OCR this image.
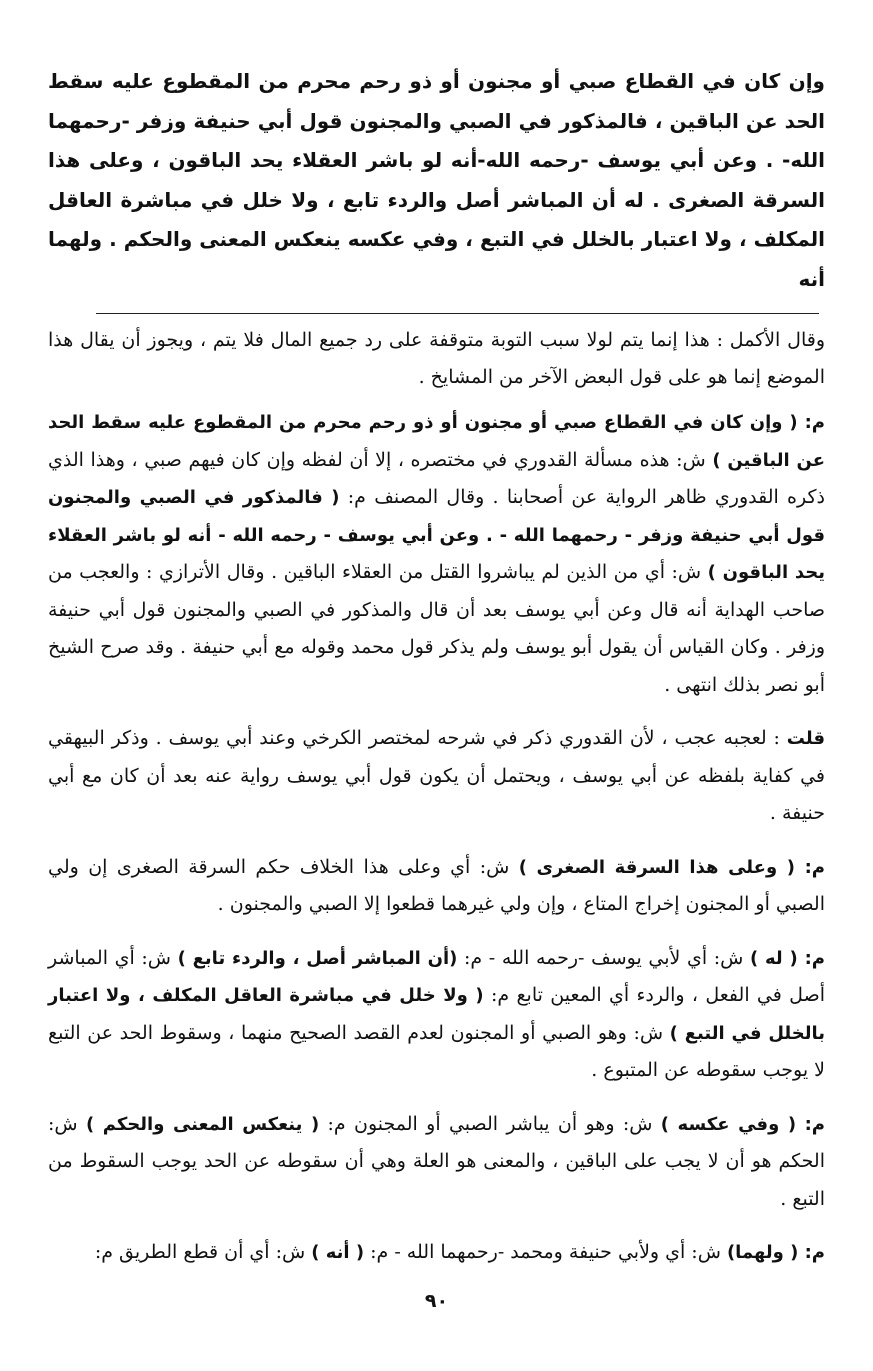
وإن كان في القطاع صبي أو مجنون أو ذو رحم محرم من المقطوع عليه سقط الحد عن الباقين ، فالمذكور في الصبي والمجنون قول أبي حنيفة وزفر -رحمهما الله- . وعن أبي يوسف -رحمه الله-أنه لو باشر العقلاء يحد الباقون ، وعلى هذا السرقة الصغرى . له أن المباشر أصل والردء تابع ، ولا خلل في مباشرة العاقل المكلف ، ولا اعتبار بالخلل في التبع ، وفي عكسه ينعكس المعنى والحكم . ولهما أنه

وقال الأكمل : هذا إنما يتم لولا سبب التوبة متوقفة على رد جميع المال فلا يتم ، ويجوز أن يقال هذا الموضع إنما هو على قول البعض الآخر من المشايخ .

م: ( وإن كان في القطاع صبي أو مجنون أو ذو رحم محرم من المقطوع عليه سقط الحد عن الباقين ) ش: هذه مسألة القدوري في مختصره ، إلا أن لفظه وإن كان فيهم صبي ، وهذا الذي ذكره القدوري ظاهر الرواية عن أصحابنا . وقال المصنف م: ( فالمذكور في الصبي والمجنون قول أبي حنيفة وزفر - رحمهما الله - . وعن أبي يوسف - رحمه الله - أنه لو باشر العقلاء يحد الباقون ) ش: أي من الذين لم يباشروا القتل من العقلاء الباقين . وقال الأترازي : والعجب من صاحب الهداية أنه قال وعن أبي يوسف بعد أن قال والمذكور في الصبي والمجنون قول أبي حنيفة وزفر . وكان القياس أن يقول أبو يوسف ولم يذكر قول محمد وقوله مع أبي حنيفة . وقد صرح الشيخ أبو نصر بذلك انتهى .

قلت : لعجبه عجب ، لأن القدوري ذكر في شرحه لمختصر الكرخي وعند أبي يوسف . وذكر البيهقي في كفاية بلفظه عن أبي يوسف ، ويحتمل أن يكون قول أبي يوسف رواية عنه بعد أن كان مع أبي حنيفة .

م: ( وعلى هذا السرقة الصغرى ) ش: أي وعلى هذا الخلاف حكم السرقة الصغرى إن ولي الصبي أو المجنون إخراج المتاع ، وإن ولي غيرهما قطعوا إلا الصبي والمجنون .

م: ( له ) ش: أي لأبي يوسف -رحمه الله - م: (أن المباشر أصل ، والردء تابع ) ش: أي المباشر أصل في الفعل ، والردء أي المعين تابع م: ( ولا خلل في مباشرة العاقل المكلف ، ولا اعتبار بالخلل في التبع ) ش: وهو الصبي أو المجنون لعدم القصد الصحيح منهما ، وسقوط الحد عن التبع لا يوجب سقوطه عن المتبوع .

م: ( وفي عكسه ) ش: وهو أن يباشر الصبي أو المجنون م: ( ينعكس المعنى والحكم ) ش: الحكم هو أن لا يجب على الباقين ، والمعنى هو العلة وهي أن سقوطه عن الحد يوجب السقوط من التبع .

م: ( ولهما) ش: أي ولأبي حنيفة ومحمد -رحمهما الله - م: ( أنه ) ش: أي أن قطع الطريق م:

٩٠
